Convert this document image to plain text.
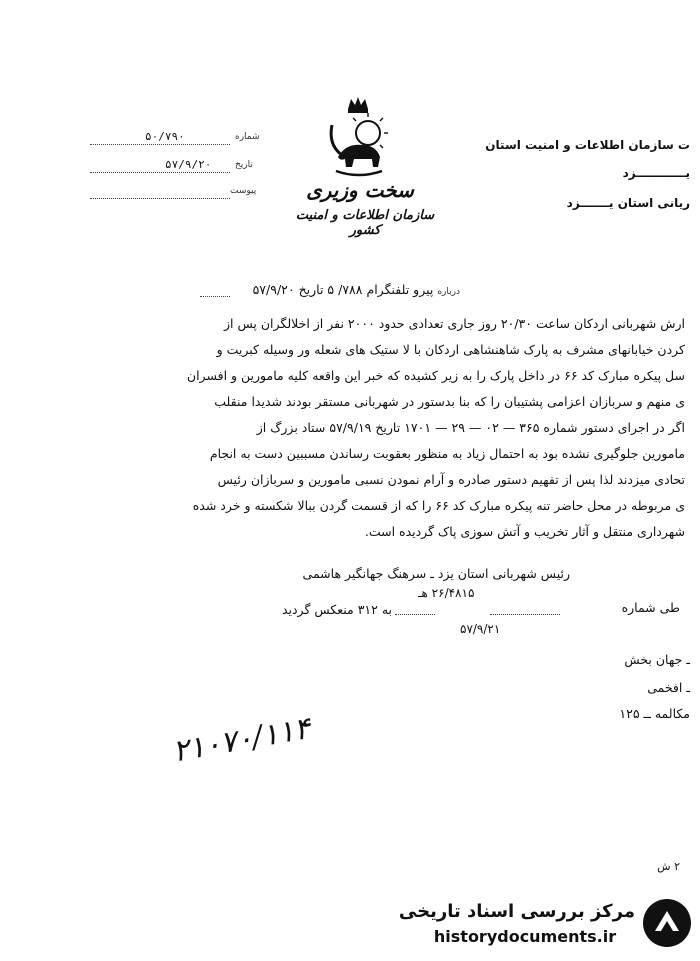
۵۰/۷۹۰	شماره
۵۷/۹/۲۰	تاریخ
پیوست سخت وزیری
سازمان اطلاعات و امنیت کشور
ت سازمان اطلاعات و امنیت استان
یــــــــــــزد
ریانی استان یـــــــزد
درباره پیرو تلفنگرام ۷۸۸/ ۵ تاریخ ۵۷/۹/۲۰
ارش شهربانی اردکان ساعت ۲۰/۳۰ روز جاری تعدادی حدود ۲۰۰۰ نفر از اخلالگران پس از
کردن خیابانهای مشرف به پارک شاهنشاهی اردکان با لا ستیک های شعله ور وسیله کبریت و
سل پیکره مبارک کد ۶۶ در داخل پارک را به زیر کشیده که خبر این واقعه کلیه مامورین و افسران
ی منهم و سربازان اعزامی پشتیبان را که بنا بدستور در شهربانی مستقر بودند شدیدا منقلب
اگر در اجرای دستور شماره ۳۶۵ — ۰۲ — ۲۹ — ۱۷۰۱ تاریخ ۵۷/۹/۱۹ ستاد بزرگ از
مامورین جلوگیری نشده بود به احتمال زیاد به منظور بعقوبت رساندن مسببین دست به انجام
تحادی میزدند لذا پس از تفهیم دستور صادره و آرام نمودن نسبی مامورین و سربازان رئیس
ی مربوطه در محل حاضر تنه پیکره مبارک کد ۶۶ را که از قسمت گردن ببالا شکسته و خرد شده
شهرداری منتقل و آثار تخریب و آتش سوزی پاک گردیده است.
رئیس شهربانی استان یزد ـ سرهنگ جهانگیر هاشمی
۲۶/۴۸۱۵ هـ
طی شماره
به ۳۱۲ منعکس گردید
۵۷/۹/۲۱
ـ جهان بخش
ـ افخمی
مکالمه ــ ۱۲۵
۲۱۰۷۰/۱۱۴
۲ ش
مرکز بررسی اسناد تاریخی
historydocuments.ir
